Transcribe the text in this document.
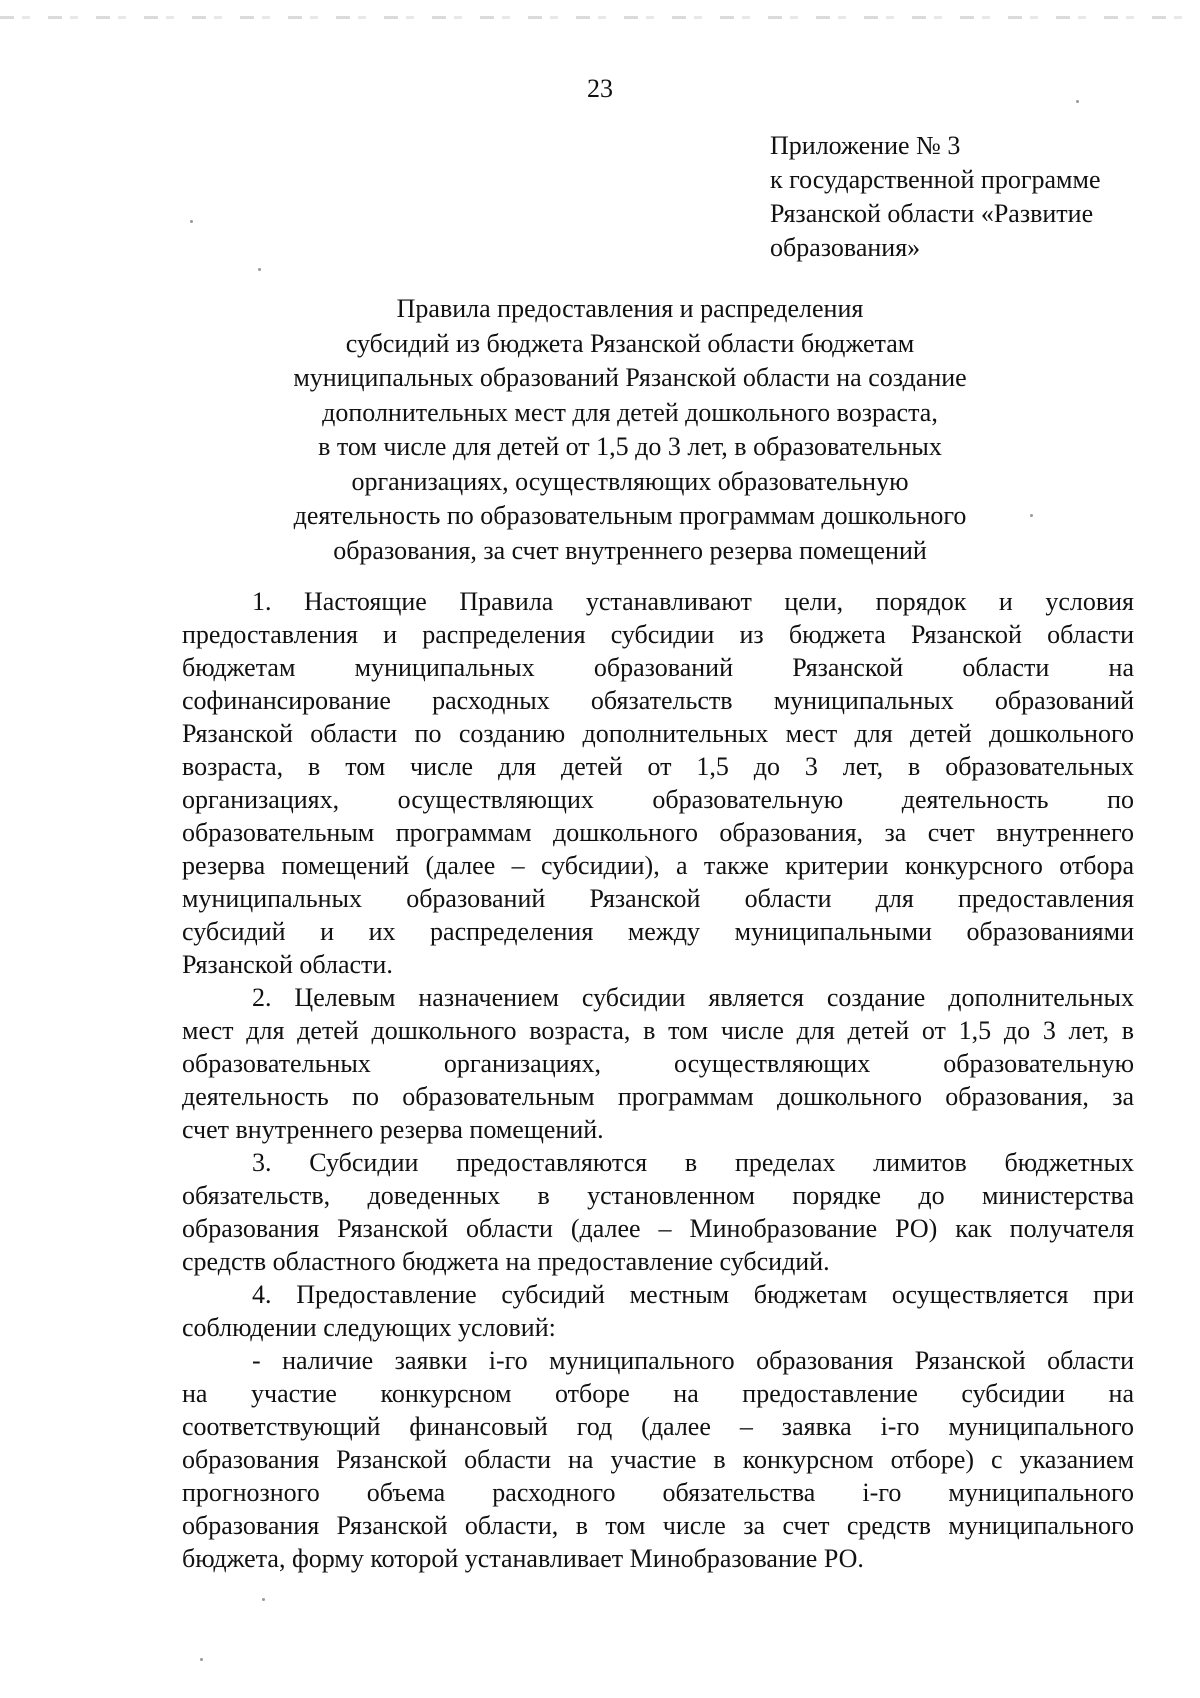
23
Приложение № 3
к государственной программе
Рязанской области «Развитие
образования»
Правила предоставления и распределения
субсидий из бюджета Рязанской области бюджетам
муниципальных образований Рязанской области на создание
дополнительных мест для детей дошкольного возраста,
в том числе для детей от 1,5 до 3 лет, в образовательных
организациях, осуществляющих образовательную
деятельность по образовательным программам дошкольного
образования, за счет внутреннего резерва помещений
1. Настоящие Правила устанавливают цели, порядок и условия
предоставления и распределения субсидии из бюджета Рязанской области
бюджетам муниципальных образований Рязанской области на
софинансирование расходных обязательств муниципальных образований
Рязанской области по созданию дополнительных мест для детей дошкольного
возраста, в том числе для детей от 1,5 до 3 лет, в образовательных
организациях, осуществляющих образовательную деятельность по
образовательным программам дошкольного образования, за счет внутреннего
резерва помещений (далее – субсидии), а также критерии конкурсного отбора
муниципальных образований Рязанской области для предоставления
субсидий и их распределения между муниципальными образованиями
Рязанской области.
2. Целевым назначением субсидии является создание дополнительных
мест для детей дошкольного возраста, в том числе для детей от 1,5 до 3 лет, в
образовательных организациях, осуществляющих образовательную
деятельность по образовательным программам дошкольного образования, за
счет внутреннего резерва помещений.
3. Субсидии предоставляются в пределах лимитов бюджетных
обязательств, доведенных в установленном порядке до министерства
образования Рязанской области (далее – Минобразование РО) как получателя
средств областного бюджета на предоставление субсидий.
4. Предоставление субсидий местным бюджетам осуществляется при
соблюдении следующих условий:
- наличие заявки i-го муниципального образования Рязанской области
на участие конкурсном отборе на предоставление субсидии на
соответствующий финансовый год (далее – заявка i-го муниципального
образования Рязанской области на участие в конкурсном отборе) с указанием
прогнозного объема расходного обязательства i-го муниципального
образования Рязанской области, в том числе за счет средств муниципального
бюджета, форму которой устанавливает Минобразование РО.
